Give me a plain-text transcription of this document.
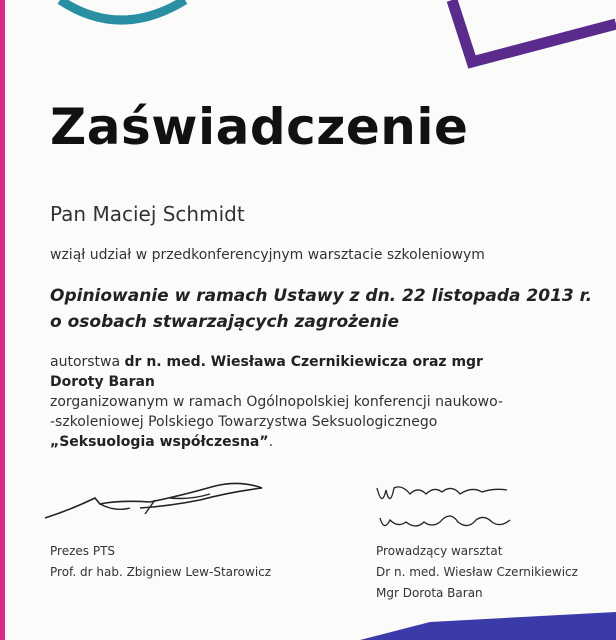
Zaświadczenie
Pan Maciej Schmidt
wziął udział w przedkonferencyjnym warsztacie szkoleniowym
Opiniowanie w ramach Ustawy z dn. 22 listopada 2013 r.
o osobach stwarzających zagrożenie
autorstwa dr n. med. Wiesława Czernikiewicza oraz mgr Doroty Baran
zorganizowanym w ramach Ogólnopolskiej konferencji naukowo-
-szkoleniowej Polskiego Towarzystwa Seksuologicznego „Seksuologia współczesna”.
Prezes PTS
Prof. dr hab. Zbigniew Lew-Starowicz
Prowadzący warsztat
Dr n. med. Wiesław Czernikiewicz
Mgr Dorota Baran
